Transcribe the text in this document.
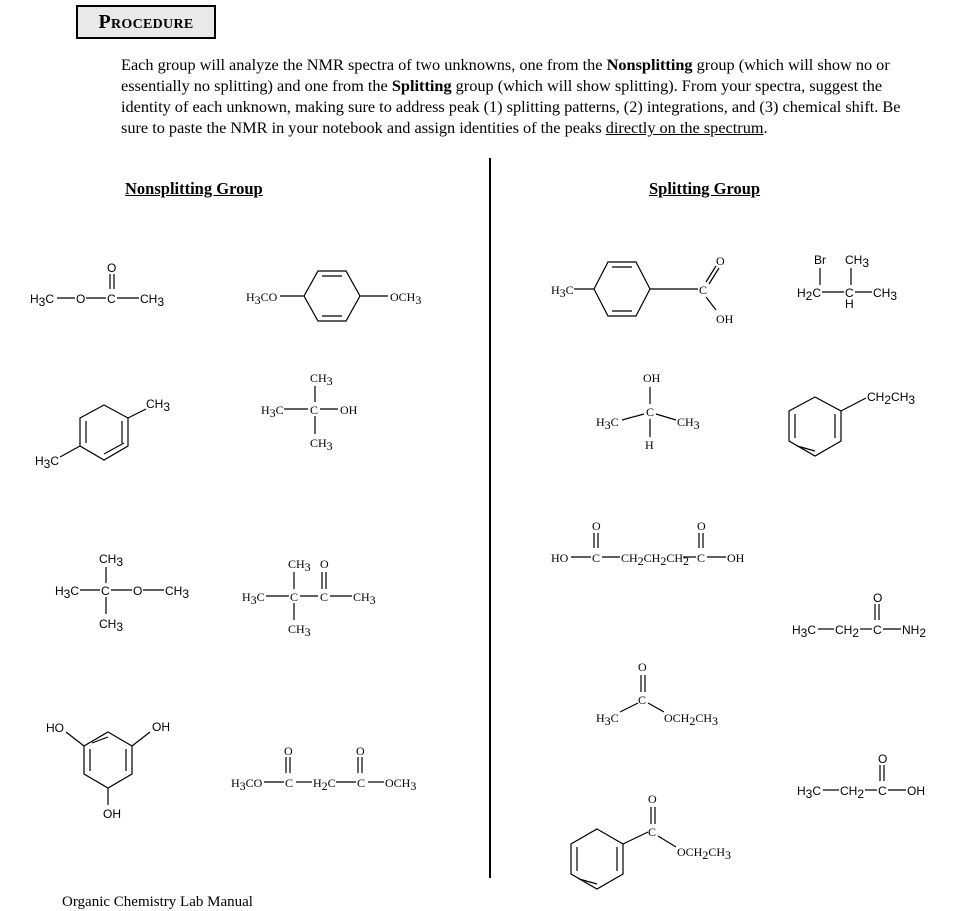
Procedure

Each group will analyze the NMR spectra of two unknowns, one from the Nonsplitting group (which will show no or essentially no splitting) and one from the Splitting group (which will show splitting). From your spectra, suggest the identity of each unknown, making sure to address peak (1) splitting patterns, (2) integrations, and (3) chemical shift. Be sure to paste the NMR in your notebook and assign identities of the peaks directly on the spectrum.

Nonsplitting Group	Splitting Group
H3C O C CH3
O
H3CO	OCH3
CH3
H3C
CH3
H3C C OH
CH3
CH3
H3C C O CH3
CH3
CH3 O
H3C C C CH3
CH3
HO	OH
OH
H3CO C
O
H2C C
O
OCH3
H3C	C
O
OH
Br CH3
H2C C CH3
H
OH
C
H3C	CH3
H
CH2CH3
HO C
O
CH2CH2CH2 C
O
OH
H3C CH2 C
O
NH2
O
C
H3C	OCH2CH3
H3C CH2 C
O
OH
C
O
OCH2CH3
Organic Chemistry Lab Manual
